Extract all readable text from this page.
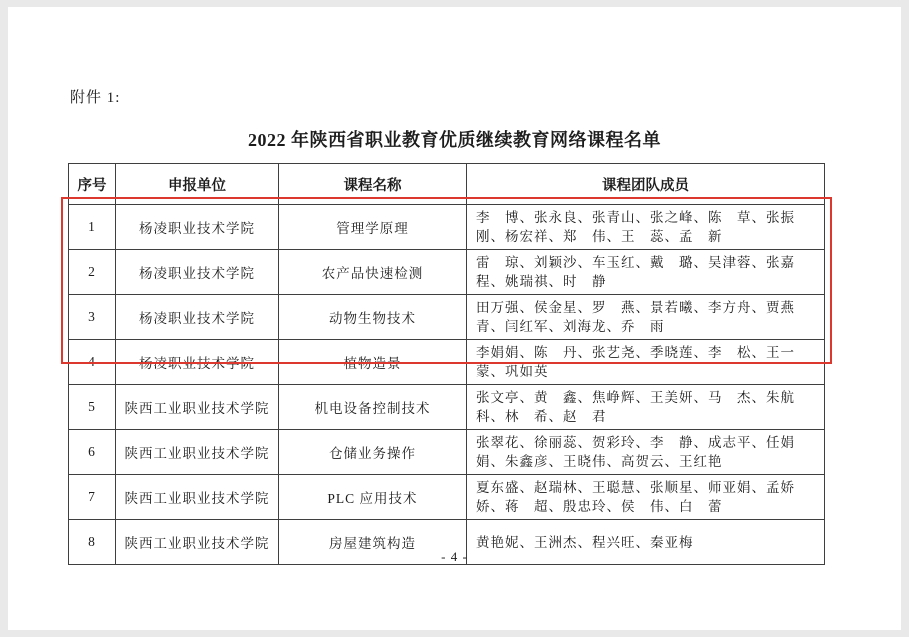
附件 1:
2022 年陕西省职业教育优质继续教育网络课程名单
序号	申报单位	课程名称	课程团队成员
1	杨凌职业技术学院	管理学原理	李　博、张永良、张青山、张之峰、陈　草、张振刚、杨宏祥、郑　伟、王　蕊、孟　新
2	杨凌职业技术学院	农产品快速检测	雷　琼、刘颖沙、车玉红、戴　璐、吴津蓉、张嘉程、姚瑞祺、时　静
3	杨凌职业技术学院	动物生物技术	田万强、侯金星、罗　燕、景若曦、李方舟、贾燕青、闫红军、刘海龙、乔　雨
4	杨凌职业技术学院	植物造景	李娟娟、陈　丹、张艺尧、季晓莲、李　松、王一蒙、巩如英
5	陕西工业职业技术学院	机电设备控制技术	张文亭、黄　鑫、焦峥辉、王美妍、马　杰、朱航科、林　希、赵　君
6	陕西工业职业技术学院	仓储业务操作	张翠花、徐丽蕊、贺彩玲、李　静、成志平、任娟娟、朱鑫彦、王晓伟、高贺云、王红艳
7	陕西工业职业技术学院	PLC 应用技术	夏东盛、赵瑞林、王聪慧、张顺星、师亚娟、孟娇娇、蒋　超、殷忠玲、侯　伟、白　蕾
8	陕西工业职业技术学院	房屋建筑构造	黄艳妮、王洲杰、程兴旺、秦亚梅
- 4 -
